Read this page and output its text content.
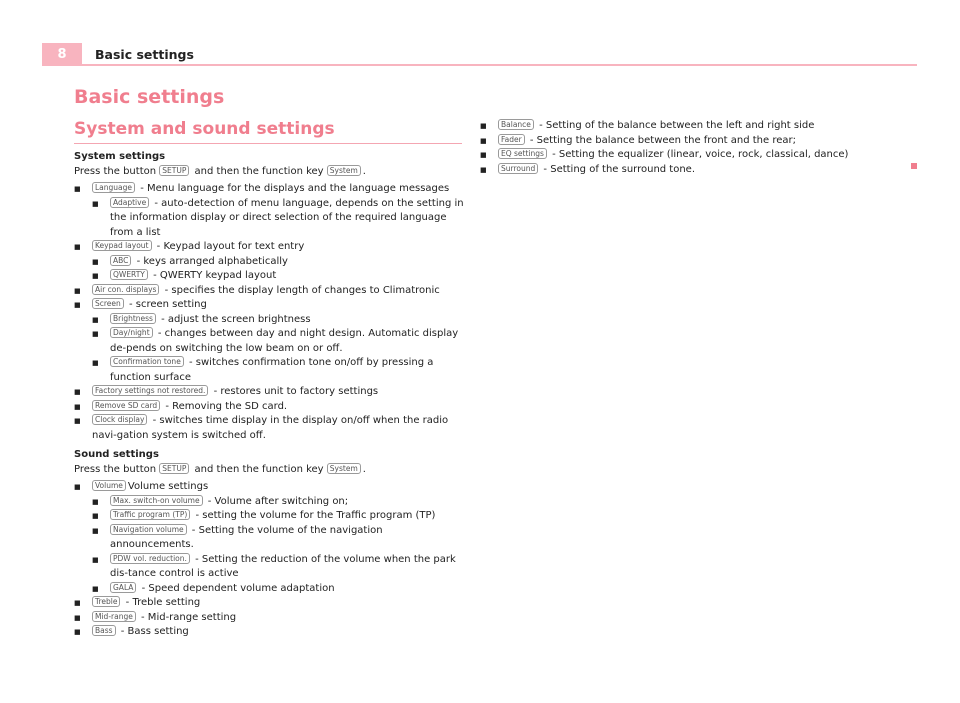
8	Basic settings
Basic settings
System and sound settings
System settings
Press the button SETUP and then the function key System .
■ Language - Menu language for the displays and the language messages
■ Adaptive - auto-detection of menu language, depends on the setting in the information display or direct selection of the required language from a list
■ Keypad layout - Keypad layout for text entry
■ ABC - keys arranged alphabetically
■ QWERTY - QWERTY keypad layout
■ Air con. displays - specifies the display length of changes to Climatronic
■ Screen - screen setting
■ Brightness - adjust the screen brightness
■ Day/night - changes between day and night design. Automatic display de-pends on switching the low beam on or off.
■ Confirmation tone - switches confirmation tone on/off by pressing a function surface
■ Factory settings not restored. - restores unit to factory settings
■ Remove SD card - Removing the SD card.
■ Clock display - switches time display in the display on/off when the radio navi-gation system is switched off.
Sound settings
Press the button SETUP and then the function key System .
■ Volume Volume settings
■ Max. switch-on volume - Volume after switching on;
■ Traffic program (TP) - setting the volume for the Traffic program (TP)
■ Navigation volume - Setting the volume of the navigation announcements.
■ PDW vol. reduction. - Setting the reduction of the volume when the park dis-tance control is active
■ GALA - Speed dependent volume adaptation
■ Treble - Treble setting
■ Mid-range - Mid-range setting
■ Bass - Bass setting
■ Balance - Setting of the balance between the left and right side
■ Fader - Setting the balance between the front and the rear;
■ EQ settings - Setting the equalizer (linear, voice, rock, classical, dance)
■ Surround - Setting of the surround tone.
